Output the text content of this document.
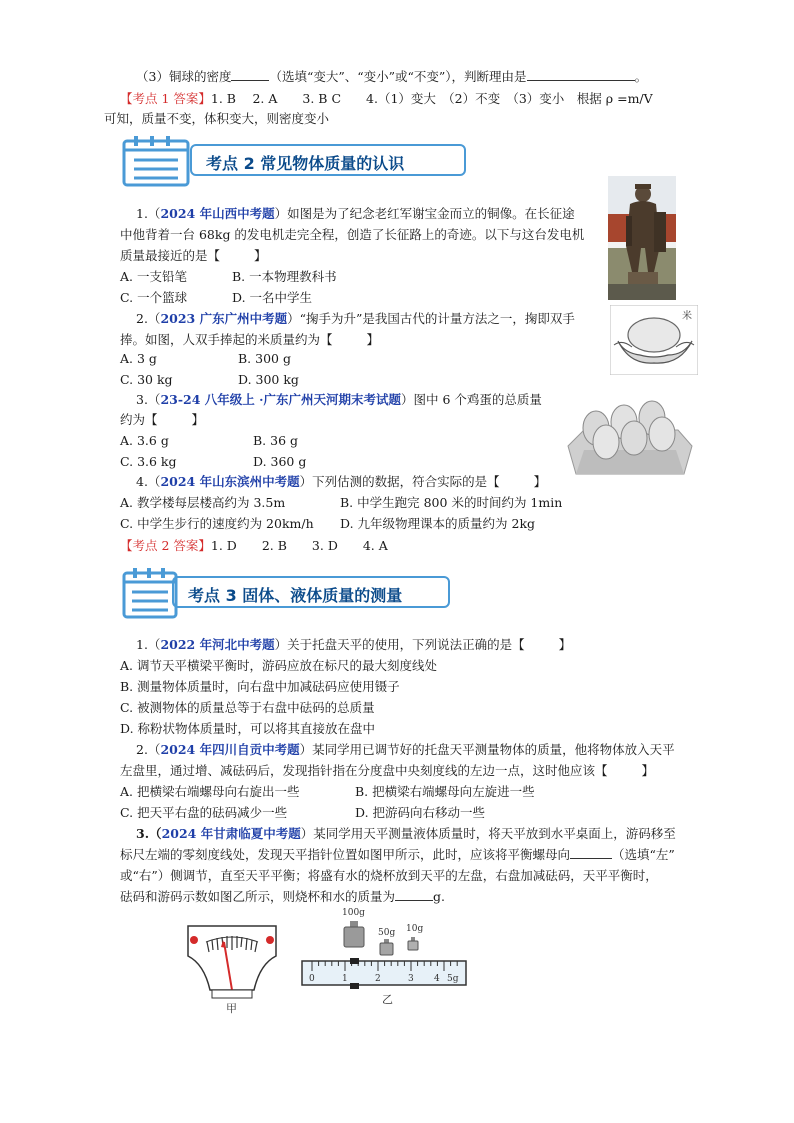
（3）铜球的密度	（选填“变大”、“变小”或“不变”），判断理由是	。
【考点 1 答案】1. B　 2. A　　3. B C　　4.（1）变大　（2）不变　（3）变小　根据 ρ =m/V
可知，质量不变，体积变大，则密度变小
考点 2 常见物体质量的认识
1.（2024 年山西中考题）如图是为了纪念老红军谢宝金而立的铜像。在长征途
中他背着一台 68kg 的发电机走完全程，创造了长征路上的奇迹。以下与这台发电机
质量最接近的是【	】
A. 一支铅笔	B. 一本物理教科书
C. 一个篮球	D. 一名中学生
2.（2023 广东广州中考题）“掬手为升”是我国古代的计量方法之一，掬即双手
捧。如图，人双手捧起的米质量约为【	】
A. 3 g	B. 300 g
C. 30 kg	D. 300 kg
米
3.（23-24 八年级上 ·广东广州天河期末考试题）图中 6 个鸡蛋的总质量
约为【	】
A. 3.6 g	B. 36 g
C. 3.6 kg	D. 360 g
4.（2024 年山东滨州中考题）下列估测的数据，符合实际的是【	】
A. 教学楼每层楼高约为 3.5m	B. 中学生跑完 800 米的时间约为 1min
C. 中学生步行的速度约为 20km/h D. 九年级物理课本的质量约为 2kg
【考点 2 答案】1. D　　2. B　　3. D　　4. A
考点 3 固体、液体质量的测量
1.（2022 年河北中考题）关于托盘天平的使用，下列说法正确的是【	】
A. 调节天平横梁平衡时，游码应放在标尺的最大刻度线处
B. 测量物体质量时，向右盘中加减砝码应使用镊子
C. 被测物体的质量总等于右盘中砝码的总质量
D. 称粉状物体质量时，可以将其直接放在盘中
2.（2024 年四川自贡中考题）某同学用已调节好的托盘天平测量物体的质量，他将物体放入天平
左盘里，通过增、减砝码后，发现指针指在分度盘中央刻度线的左边一点，这时他应该【	】
A. 把横梁右端螺母向右旋出一些	B. 把横梁右端螺母向左旋进一些
C. 把天平右盘的砝码减少一些	D. 把游码向右移动一些
3.（2024 年甘肃临夏中考题）某同学用天平测量液体质量时，将天平放到水平桌面上，游码移至
标尺左端的零刻度线处，发现天平指针位置如图甲所示，此时，应该将平衡螺母向	（选填“左”
或“右”）侧调节，直至天平平衡；将盛有水的烧杯放到天平的左盘，右盘加减砝码，天平平衡时，
砝码和游码示数如图乙所示，则烧杯和水的质量为	g.
甲
100g
50g 10g
0	1	2	3 4 5g
乙
